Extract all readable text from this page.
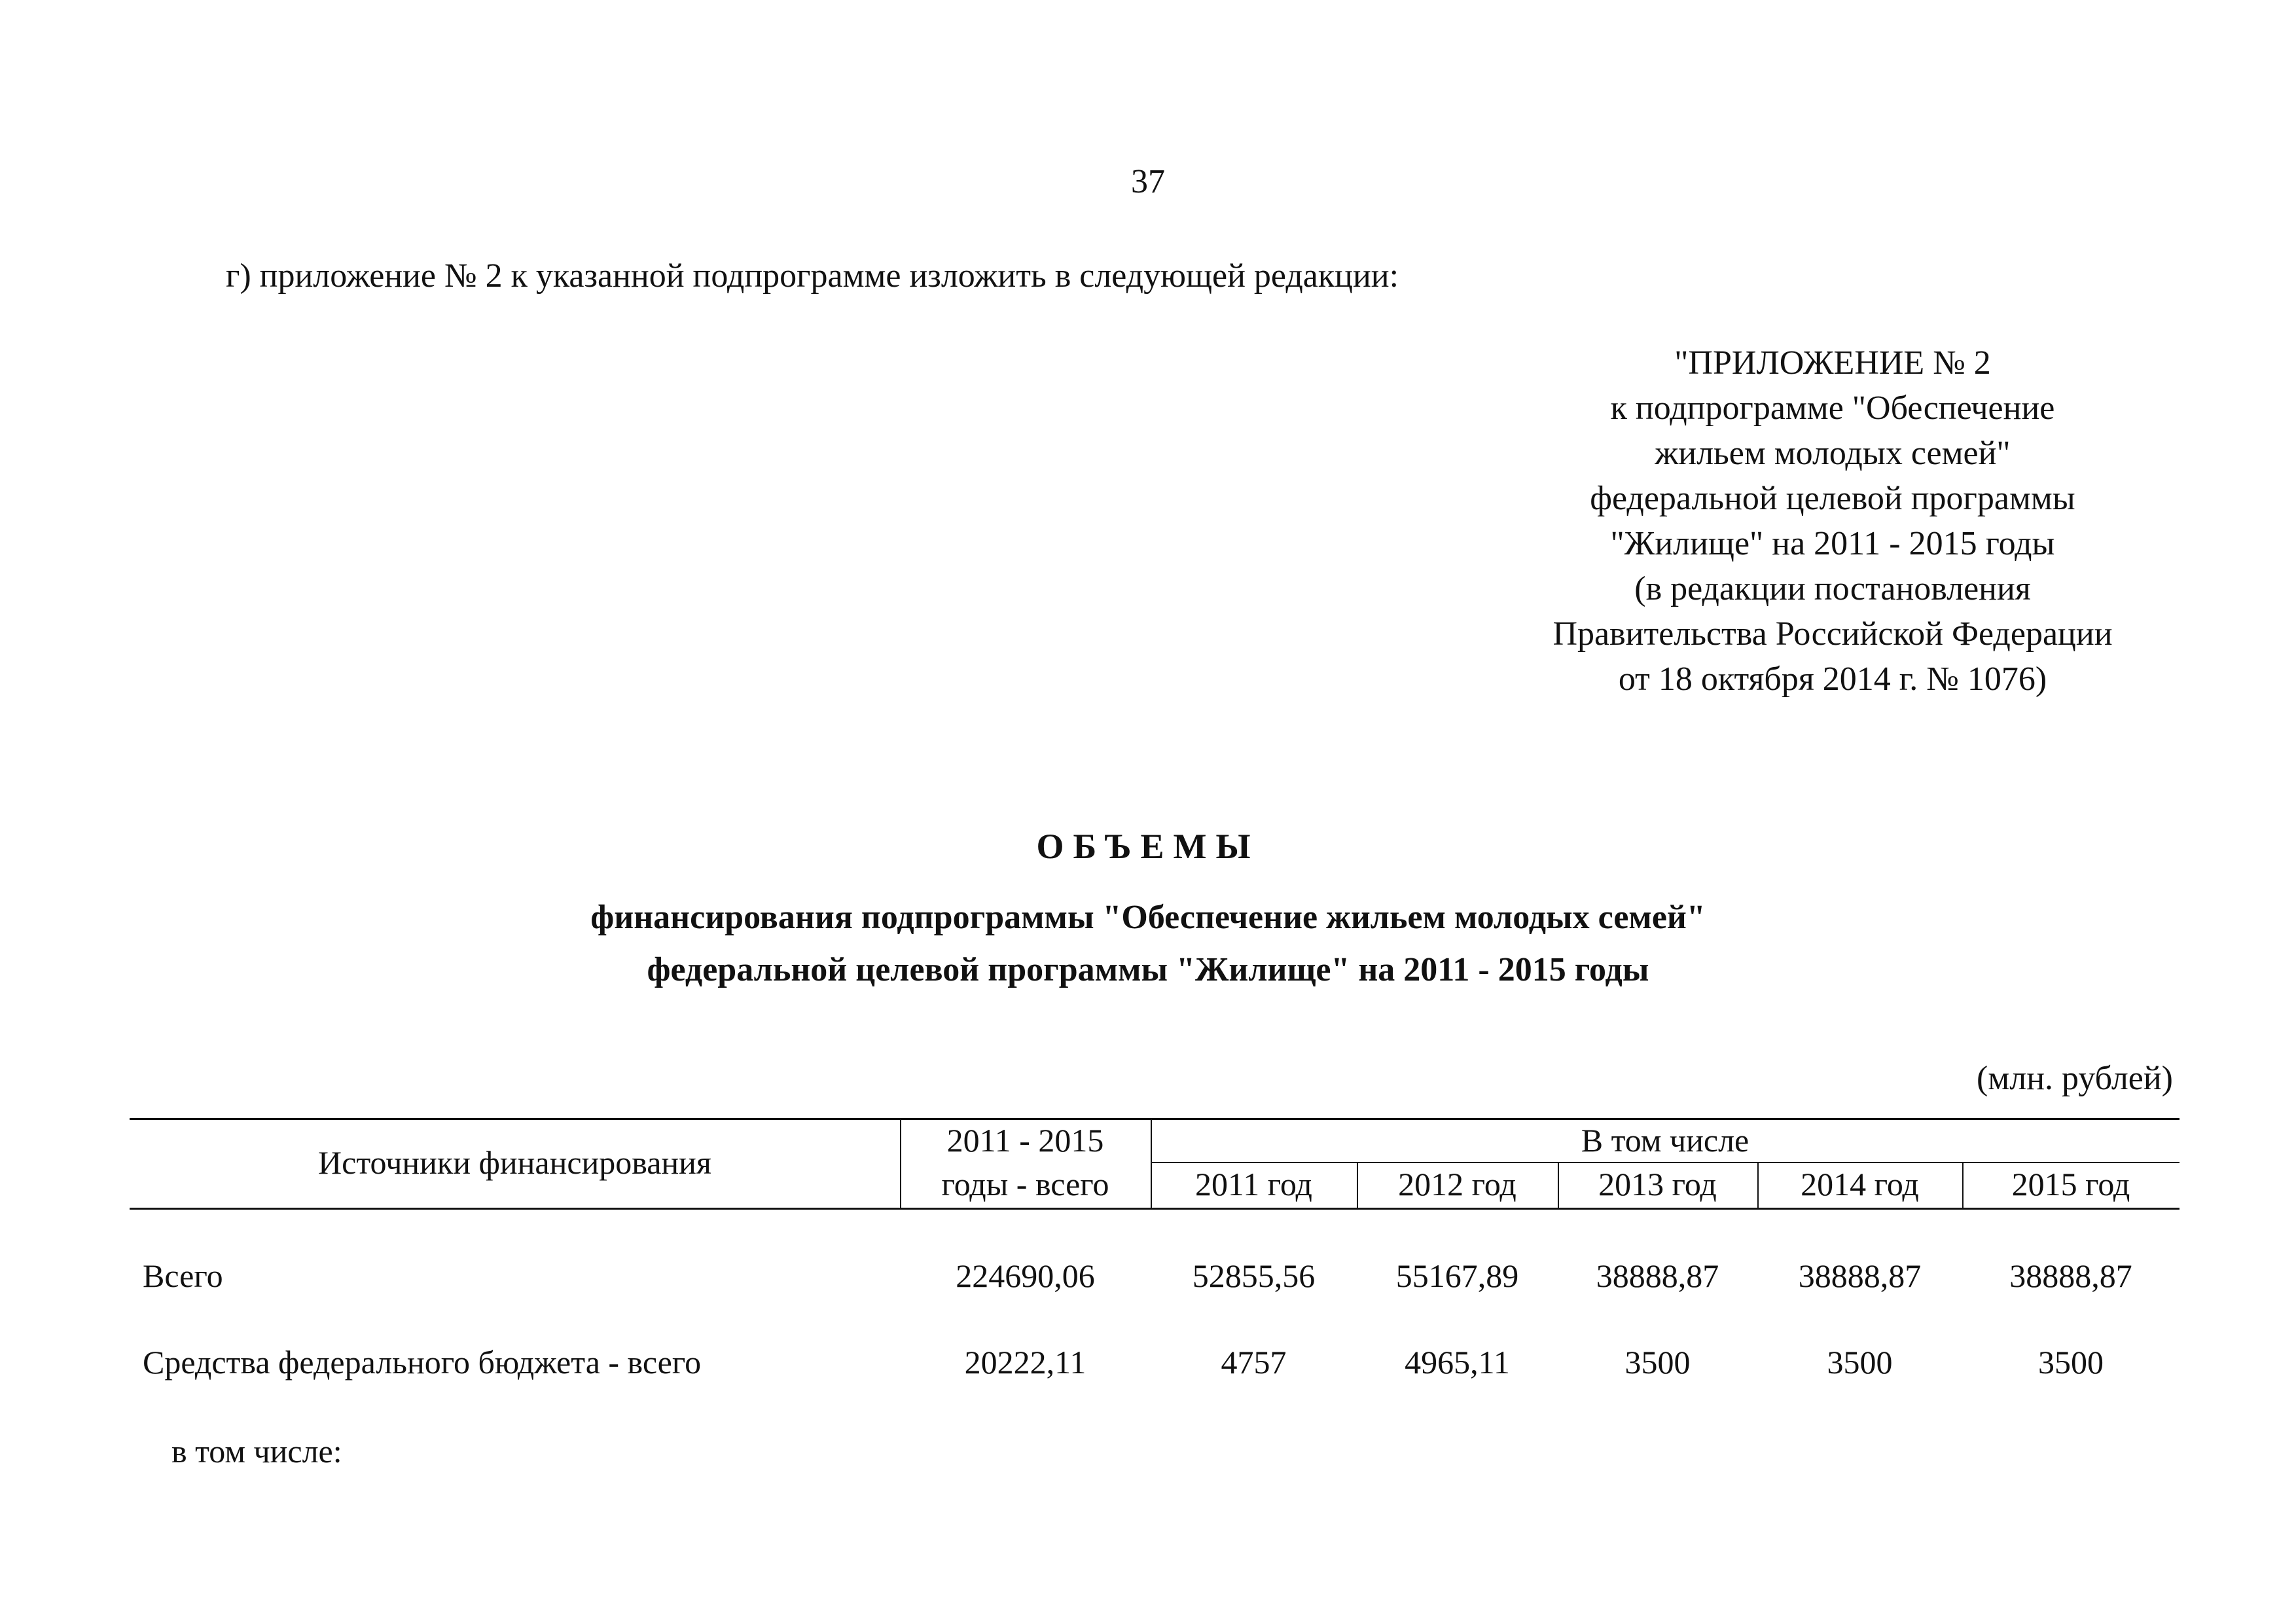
37
г) приложение № 2 к указанной подпрограмме изложить в следующей редакции:
"ПРИЛОЖЕНИЕ № 2
к подпрограмме "Обеспечение
жильем молодых семей"
федеральной целевой программы
"Жилище" на 2011 - 2015 годы
(в редакции постановления
Правительства Российской Федерации
от 18 октября 2014 г. № 1076)
ОБЪЕМЫ
финансирования подпрограммы "Обеспечение жильем молодых семей"
федеральной целевой программы "Жилище" на 2011 - 2015 годы
(млн. рублей)
Источники финансирования
2011 - 2015
годы - всего
В том числе
2011 год	2012 год	2013 год	2014 год	2015 год
Всего	224690,06	52855,56	55167,89	38888,87	38888,87	38888,87
Средства федерального бюджета - всего	20222,11	4757	4965,11	3500	3500	3500
в том числе:
